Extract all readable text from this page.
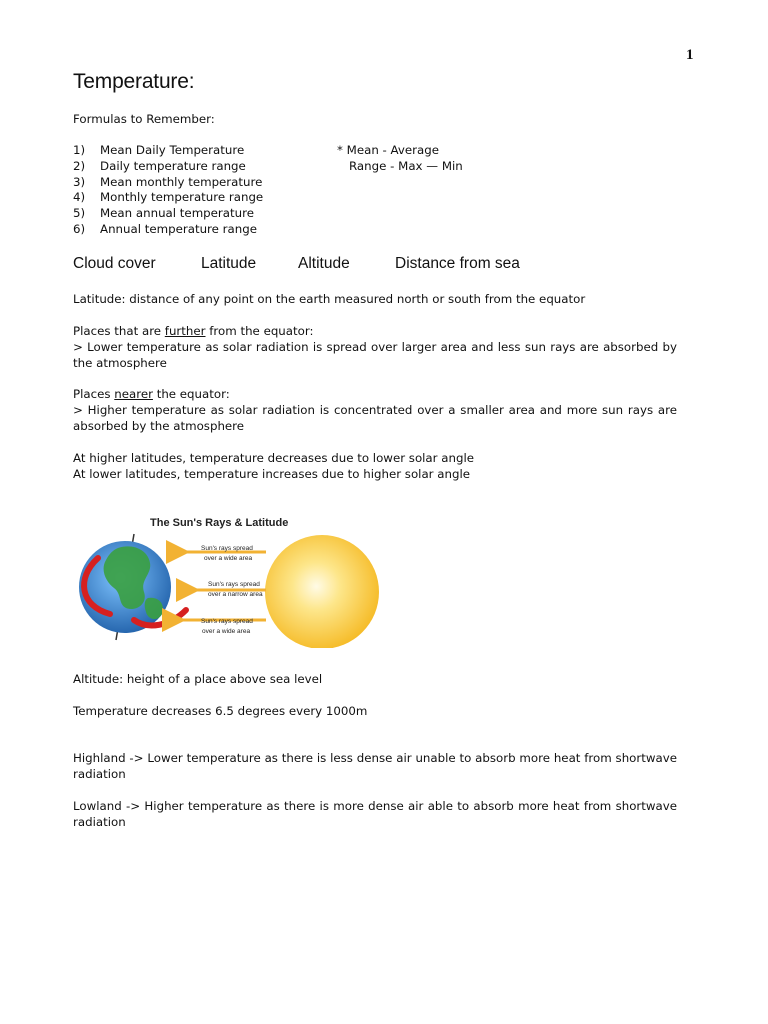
1
Temperature:
Formulas to Remember:
1)	Mean Daily Temperature
2)	Daily temperature range
3)	Mean monthly temperature
4)	Monthly temperature range
5)	Mean annual temperature
6)	Annual temperature range
* Mean - Average
Range - Max — Min
Cloud cover	Latitude	Altitude	Distance from sea
Latitude: distance of any point on the earth measured north or south from the equator

Places that are further from the equator:

> Lower temperature as solar radiation is spread over larger area and less sun rays are absorbed by the atmosphere

Places nearer the equator:

> Higher temperature as solar radiation is concentrated over a smaller area and more sun rays are absorbed by the atmosphere

At higher latitudes, temperature decreases due to lower solar angle

At lower latitudes, temperature increases due to higher solar angle

The Sun's Rays & Latitude
Sun's rays spread
over a wide area
Sun's rays spread
over a narrow area
Sun's rays spread
over a wide area
Altitude: height of a place above sea level
Temperature decreases 6.5 degrees every 1000m
Highland -> Lower temperature as there is less dense air unable to absorb more heat from shortwave radiation
Lowland -> Higher temperature as there is more dense air able to absorb more heat from shortwave radiation
